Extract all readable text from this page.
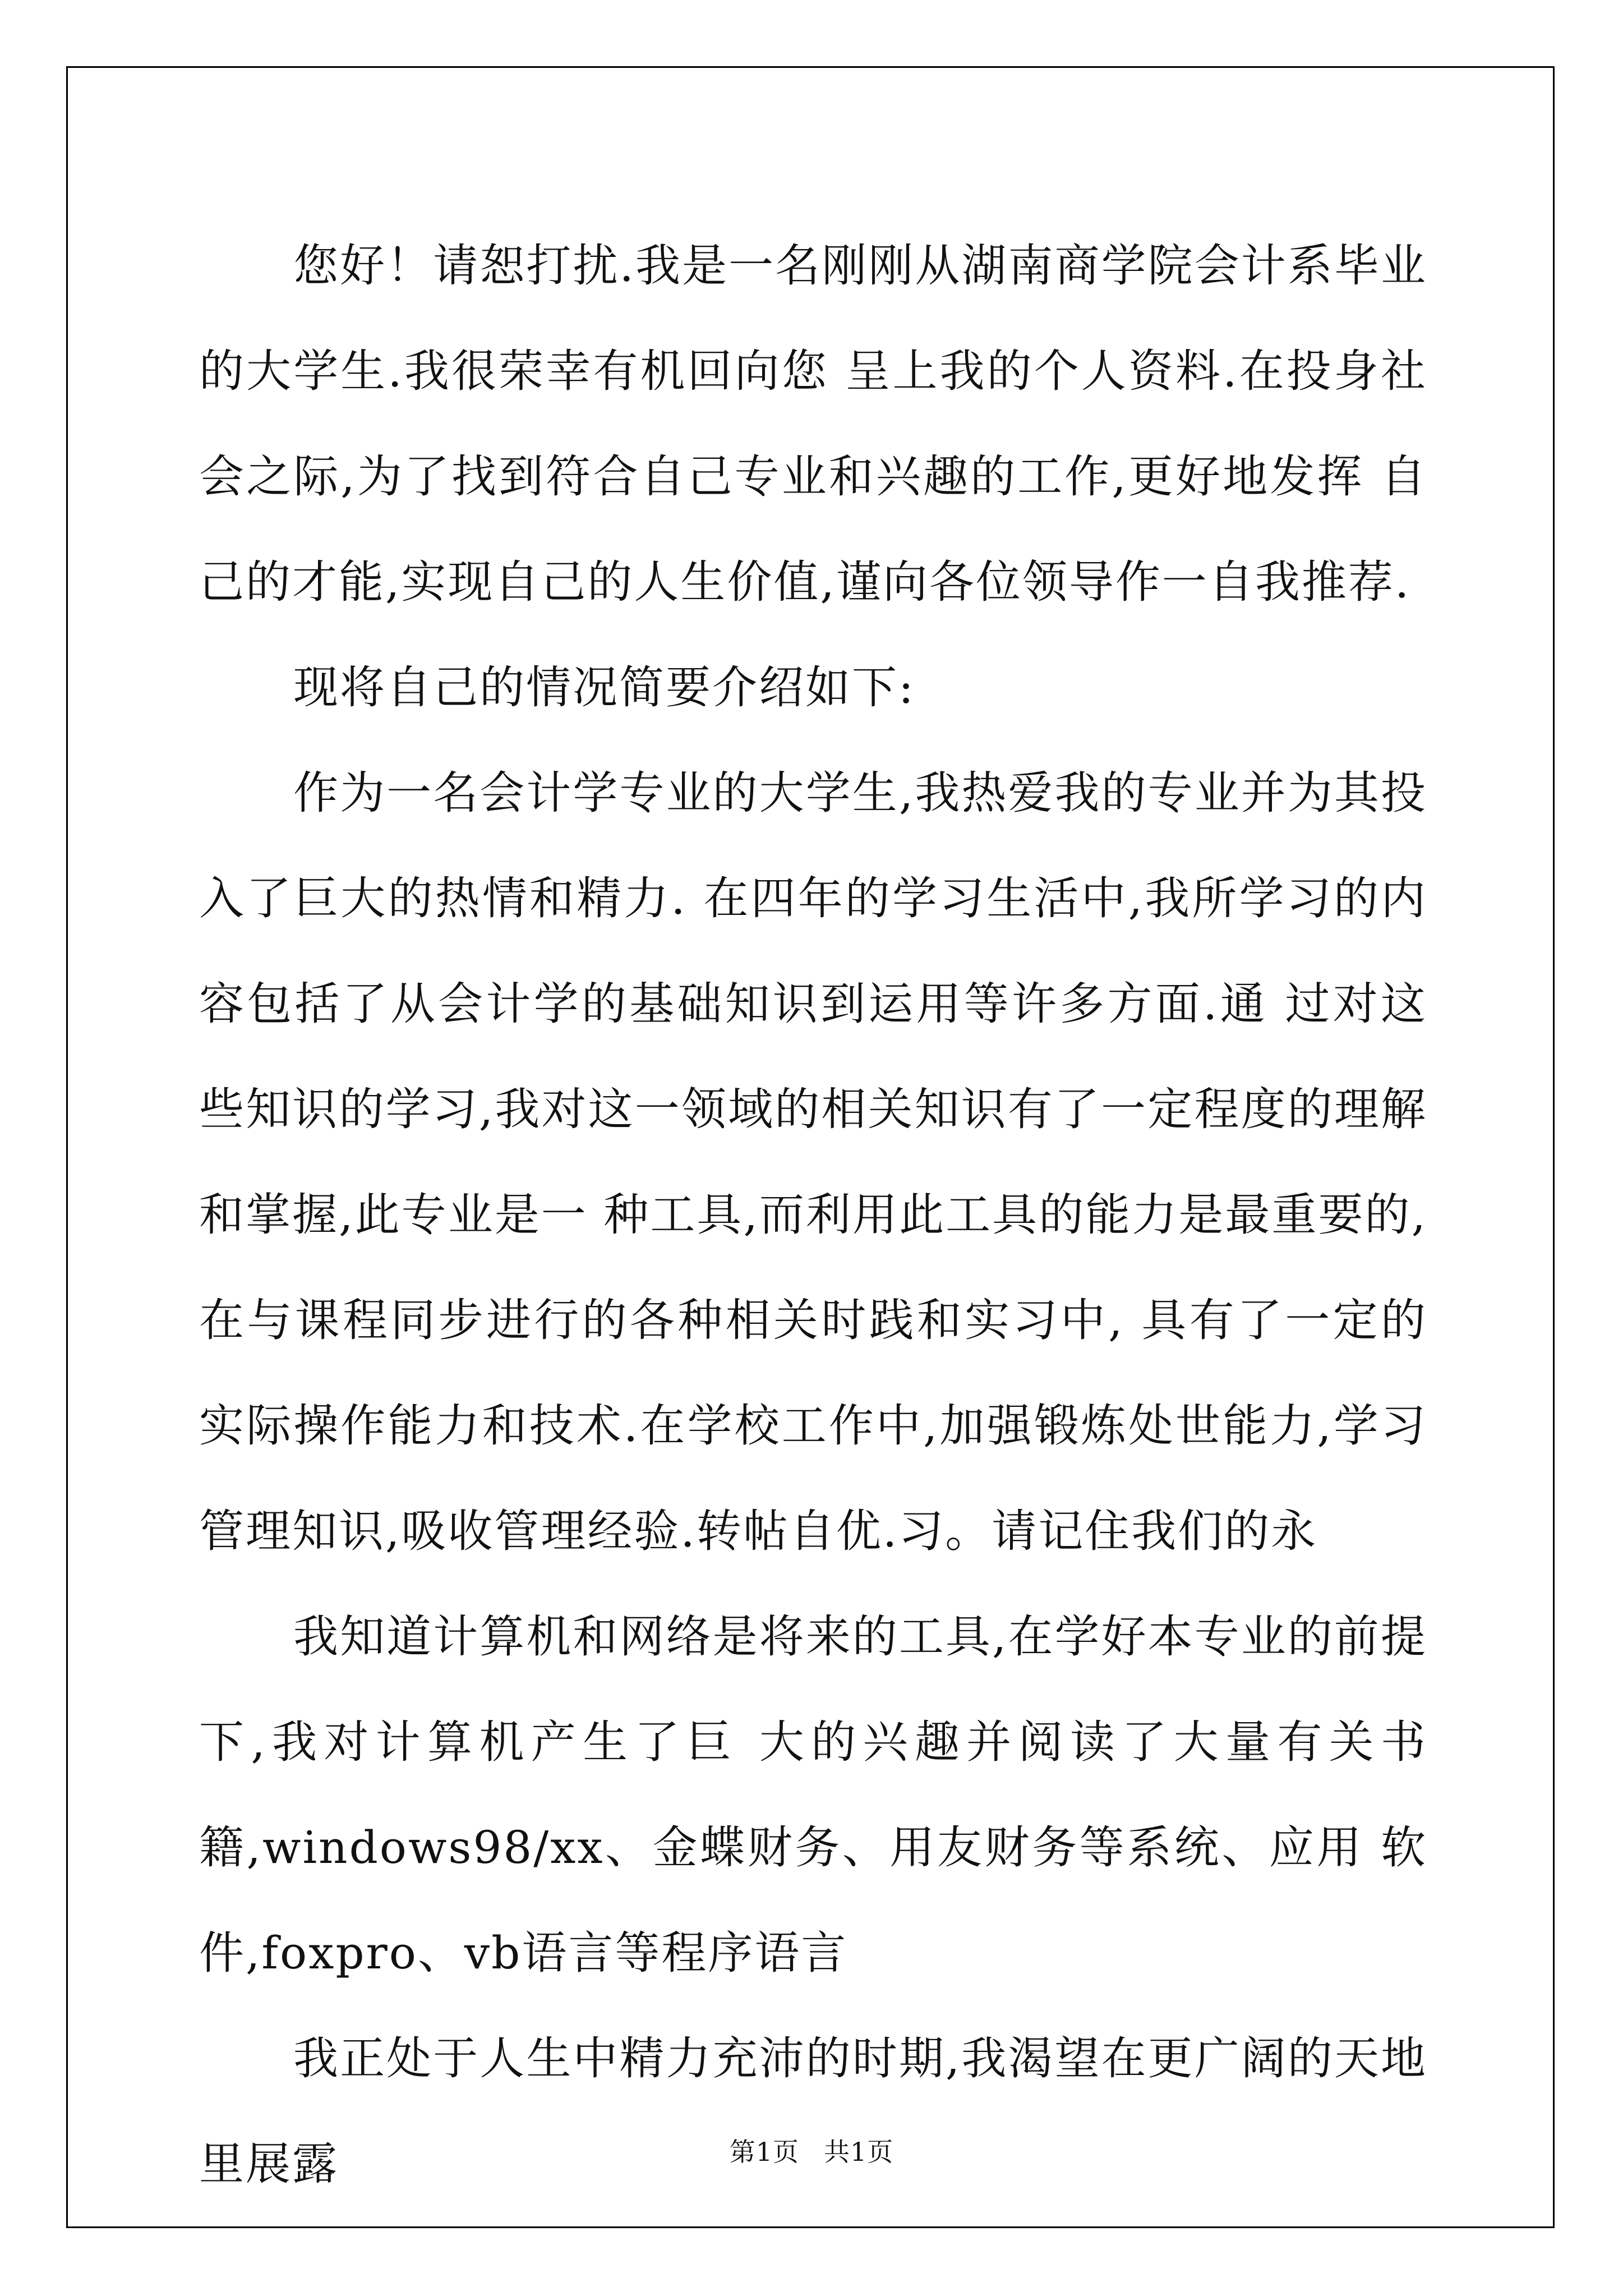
您好！请恕打扰.我是一名刚刚从湖南商学院会计系毕业的大学生.我很荣幸有机回向您 呈上我的个人资料.在投身社会之际,为了找到符合自己专业和兴趣的工作,更好地发挥 自己的才能,实现自己的人生价值,谨向各位领导作一自我推荐.

现将自己的情况简要介绍如下:

作为一名会计学专业的大学生,我热爱我的专业并为其投入了巨大的热情和精力. 在四年的学习生活中,我所学习的内容包括了从会计学的基础知识到运用等许多方面.通 过对这些知识的学习,我对这一领域的相关知识有了一定程度的理解和掌握,此专业是一 种工具,而利用此工具的能力是最重要的,在与课程同步进行的各种相关时践和实习中, 具有了一定的实际操作能力和技术.在学校工作中,加强锻炼处世能力,学习管理知识,吸收管理经验.转帖自优.习。请记住我们的永

我知道计算机和网络是将来的工具,在学好本专业的前提下,我对计算机产生了巨 大的兴趣并阅读了大量有关书籍,windows98/xx、金蝶财务、用友财务等系统、应用 软件,foxpro、vb语言等程序语言

我正处于人生中精力充沛的时期,我渴望在更广阔的天地里展露	第1页 共1页
